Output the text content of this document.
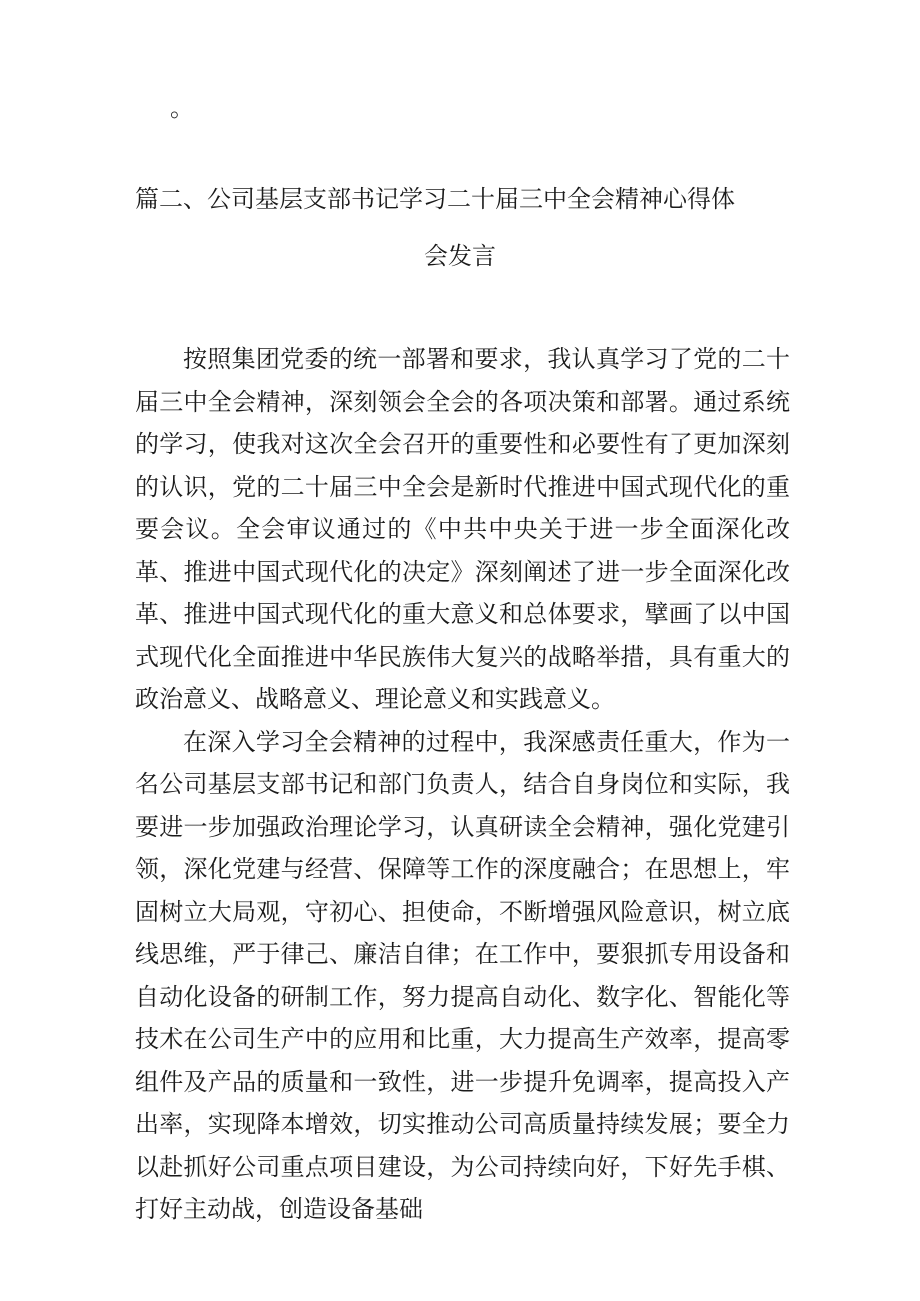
。
篇二、公司基层支部书记学习二十届三中全会精神心得体
会发言

按照集团党委的统一部署和要求，我认真学习了党的二十届三中全会精神，深刻领会全会的各项决策和部署。通过系统的学习，使我对这次全会召开的重要性和必要性有了更加深刻的认识，党的二十届三中全会是新时代推进中国式现代化的重要会议。全会审议通过的《中共中央关于进一步全面深化改革、推进中国式现代化的决定》深刻阐述了进一步全面深化改革、推进中国式现代化的重大意义和总体要求，擘画了以中国式现代化全面推进中华民族伟大复兴的战略举措，具有重大的政治意义、战略意义、理论意义和实践意义。

在深入学习全会精神的过程中，我深感责任重大，作为一名公司基层支部书记和部门负责人，结合自身岗位和实际，我要进一步加强政治理论学习，认真研读全会精神，强化党建引领，深化党建与经营、保障等工作的深度融合；在思想上，牢固树立大局观，守初心、担使命，不断增强风险意识，树立底线思维，严于律己、廉洁自律；在工作中，要狠抓专用设备和自动化设备的研制工作，努力提高自动化、数字化、智能化等技术在公司生产中的应用和比重，大力提高生产效率，提高零组件及产品的质量和一致性，进一步提升免调率，提高投入产出率，实现降本增效，切实推动公司高质量持续发展；要全力以赴抓好公司重点项目建设，为公司持续向好，下好先手棋、打好主动战，创造设备基础
